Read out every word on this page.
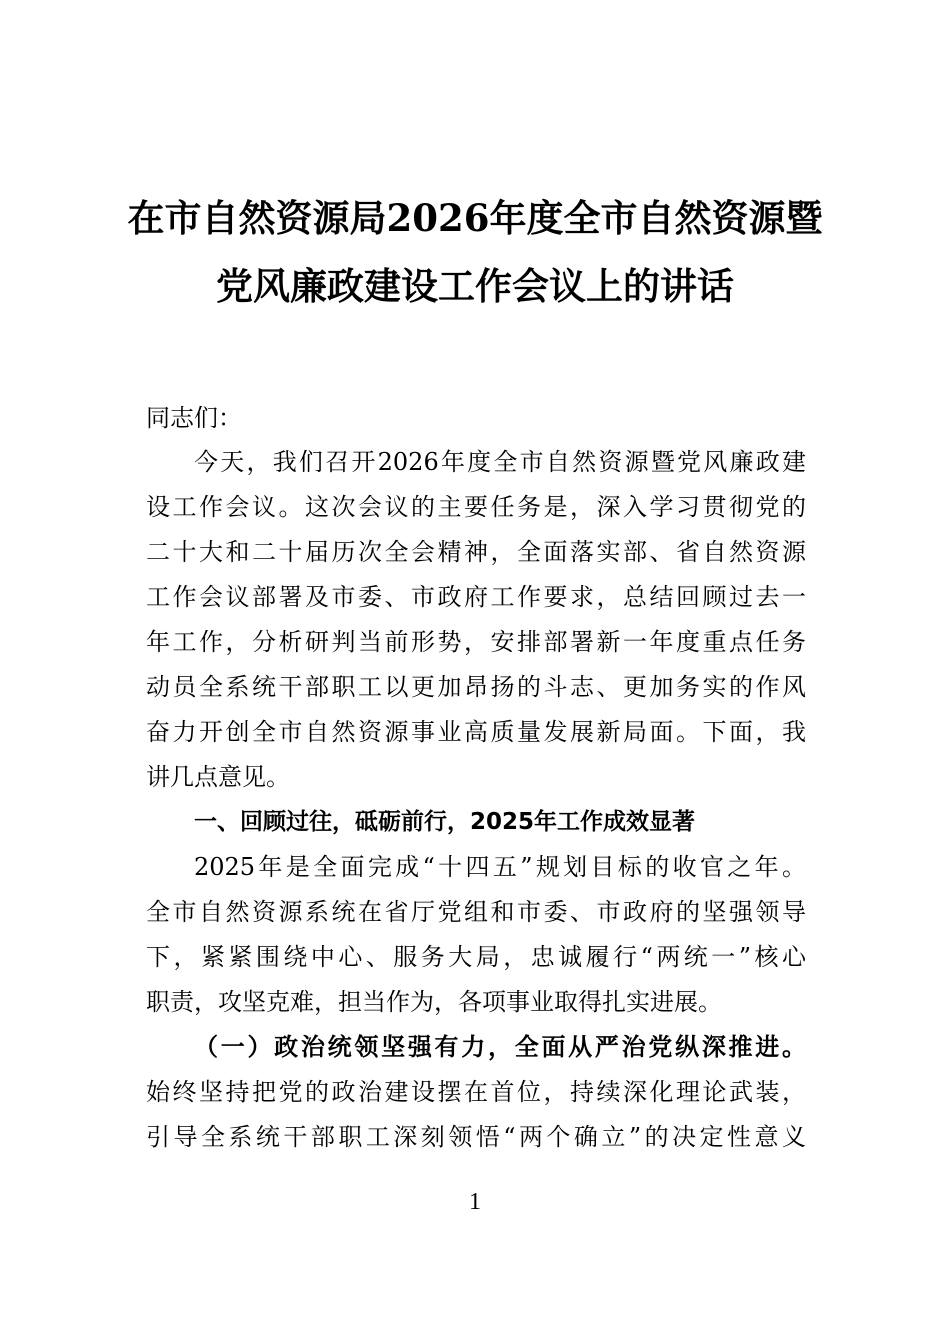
在市自然资源局2026年度全市自然资源暨
党风廉政建设工作会议上的讲话
同志们：
今天，我们召开2026年度全市自然资源暨党风廉政建
设工作会议。这次会议的主要任务是，深入学习贯彻党的
二十大和二十届历次全会精神，全面落实部、省自然资源
工作会议部署及市委、市政府工作要求，总结回顾过去一
年工作，分析研判当前形势，安排部署新一年度重点任务
动员全系统干部职工以更加昂扬的斗志、更加务实的作风
奋力开创全市自然资源事业高质量发展新局面。下面，我
讲几点意见。
一、回顾过往，砥砺前行，2025年工作成效显著
2025年是全面完成“十四五”规划目标的收官之年。
全市自然资源系统在省厅党组和市委、市政府的坚强领导
下，紧紧围绕中心、服务大局，忠诚履行“两统一”核心
职责，攻坚克难，担当作为，各项事业取得扎实进展。
（一）政治统领坚强有力，全面从严治党纵深推进。
始终坚持把党的政治建设摆在首位，持续深化理论武装，
引导全系统干部职工深刻领悟“两个确立”的决定性意义
1
